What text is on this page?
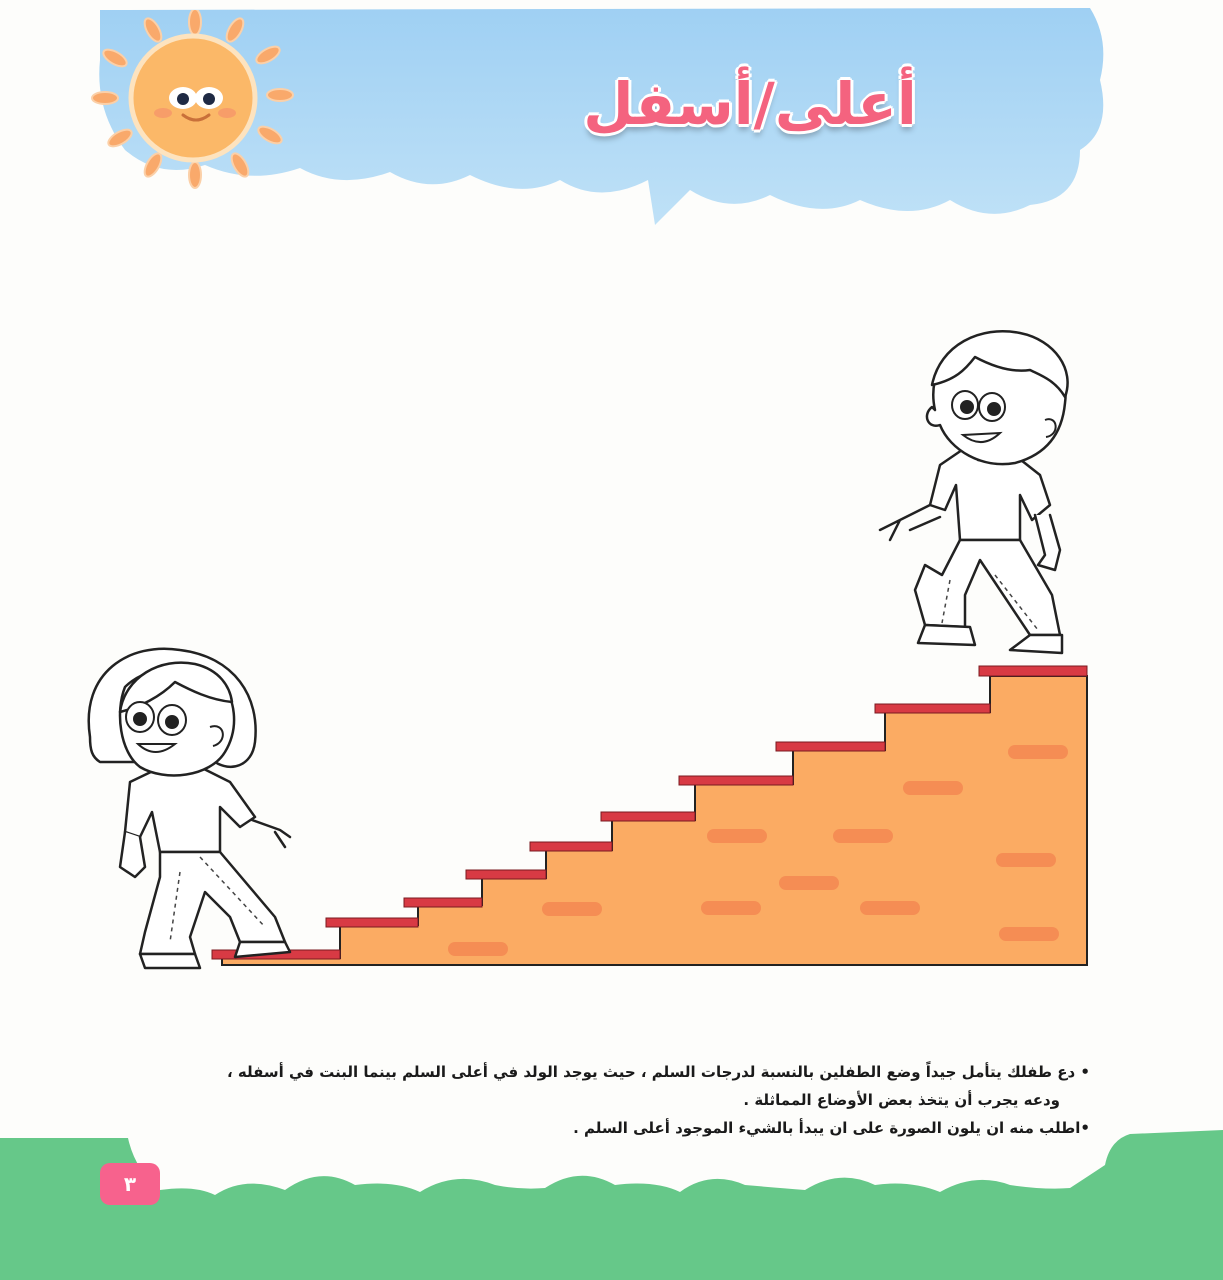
أعلى/أسفل

• دع طفلك يتأمل جيداً وضع الطفلين بالنسبة لدرجات السلم ، حيث يوجد الولد في أعلى السلم بينما البنت في أسفله ،

ودعه يجرب أن يتخذ بعض الأوضاع المماثلة .

•اطلب منه ان يلون الصورة على ان يبدأ بالشيء الموجود أعلى السلم .

٣
